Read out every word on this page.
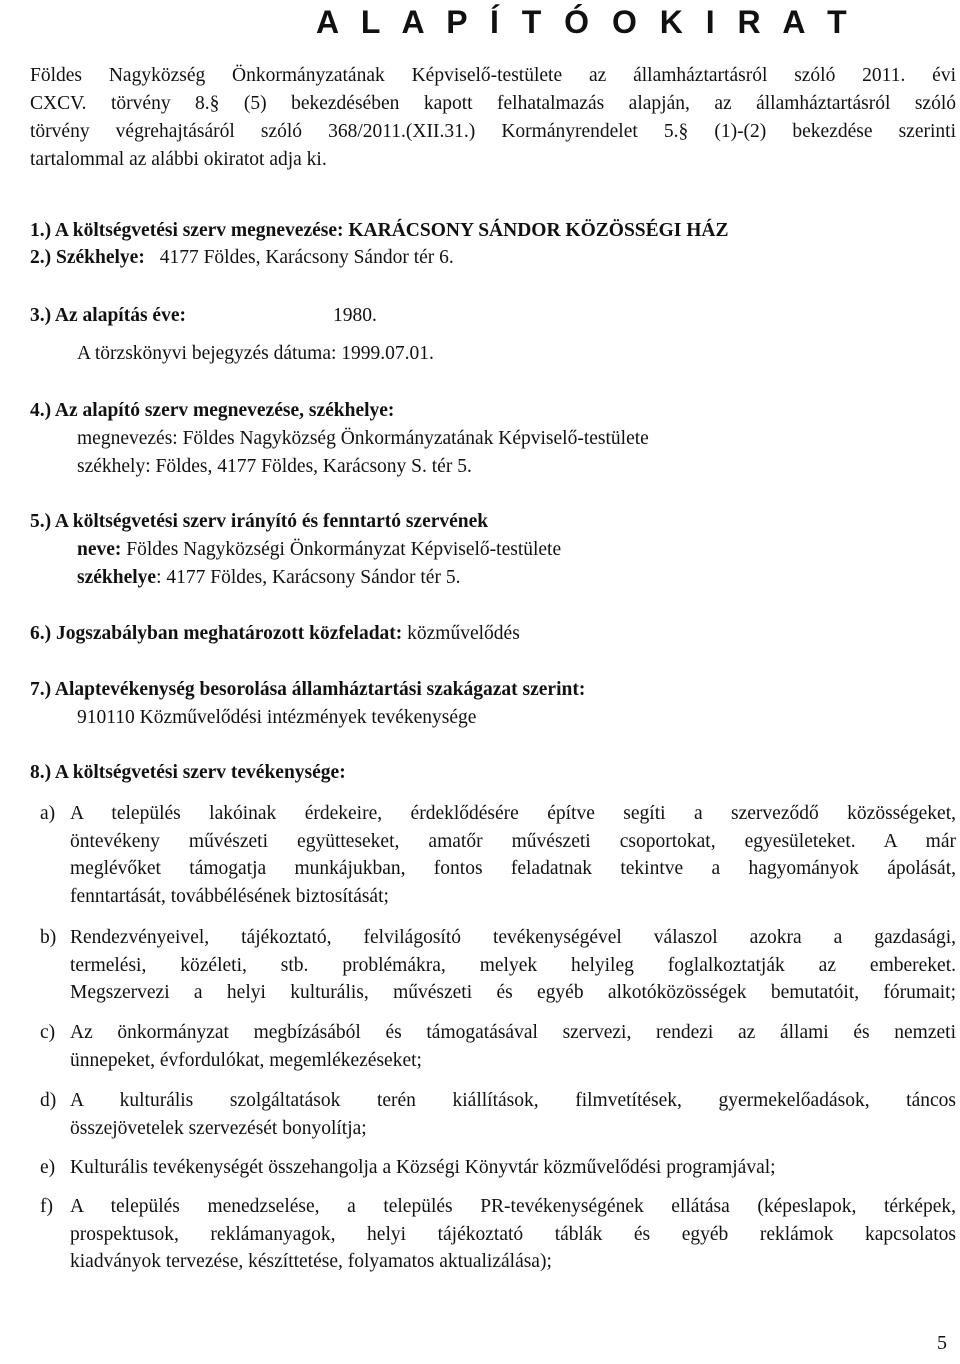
A L A P Í T Ó O K I R A T
Földes Nagyközség Önkormányzatának Képviselő-testülete az államháztartásról szóló 2011. évi
CXCV. törvény 8.§ (5) bekezdésében kapott felhatalmazás alapján, az államháztartásról szóló
törvény végrehajtásáról szóló 368/2011.(XII.31.) Kormányrendelet 5.§ (1)-(2) bekezdése szerinti
tartalommal az alábbi okiratot adja ki.
1.) A költségvetési szerv megnevezése: KARÁCSONY SÁNDOR KÖZÖSSÉGI HÁZ
2.) Székhelye: 4177 Földes, Karácsony Sándor tér 6.
3.) Az alapítás éve:	1980.
A törzskönyvi bejegyzés dátuma: 1999.07.01.
4.) Az alapító szerv megnevezése, székhelye:
megnevezés: Földes Nagyközség Önkormányzatának Képviselő-testülete
székhely: Földes, 4177 Földes, Karácsony S. tér 5.
5.) A költségvetési szerv irányító és fenntartó szervének
neve: Földes Nagyközségi Önkormányzat Képviselő-testülete
székhelye: 4177 Földes, Karácsony Sándor tér 5.
6.) Jogszabályban meghatározott közfeladat: közművelődés
7.) Alaptevékenység besorolása államháztartási szakágazat szerint:
910110 Közművelődési intézmények tevékenysége
8.) A költségvetési szerv tevékenysége:
a) A település lakóinak érdekeire, érdeklődésére építve segíti a szerveződő közösségeket,
öntevékeny művészeti együtteseket, amatőr művészeti csoportokat, egyesületeket. A már
meglévőket támogatja munkájukban, fontos feladatnak tekintve a hagyományok ápolását,
fenntartását, továbbélésének biztosítását;
b) Rendezvényeivel, tájékoztató, felvilágosító tevékenységével válaszol azokra a gazdasági,
termelési, közéleti, stb. problémákra, melyek helyileg foglalkoztatják az embereket.
Megszervezi a helyi kulturális, művészeti és egyéb alkotóközösségek bemutatóit, fórumait;
c) Az önkormányzat megbízásából és támogatásával szervezi, rendezi az állami és nemzeti
ünnepeket, évfordulókat, megemlékezéseket;
d) A kulturális szolgáltatások terén kiállítások, filmvetítések, gyermekelőadások, táncos
összejövetelek szervezését bonyolítja;
e) Kulturális tevékenységét összehangolja a Községi Könyvtár közművelődési programjával;
f) A település menedzselése, a település PR-tevékenységének ellátása (képeslapok, térképek,
prospektusok, reklámanyagok, helyi tájékoztató táblák és egyéb reklámok kapcsolatos
kiadványok tervezése, készíttetése, folyamatos aktualizálása);
5
